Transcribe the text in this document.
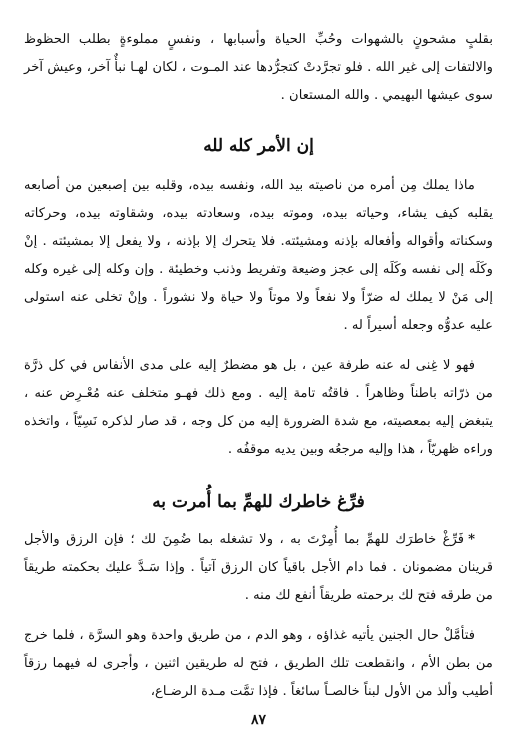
بقلبٍ مشحونٍ بالشهوات وحُبِّ الحياة وأسبابها ، ونفسٍ مملوءةٍ بطلب الحظوظ والالتفات إلى غير الله . فلو تجرَّدتْ كتجرُّدها عند المـوت ، لكان لهـا نبأٌ آخر، وعيش آخر سوى عيشها البهيمي . والله المستعان .

إن الأمر كله لله

ماذا يملك مِن أمره من ناصيته بيد الله، ونفسه بيده، وقلبه بين إصبعين من أصابعه يقلبه كيف يشاء، وحياته بيده، وموته بيده، وسعادته بيده، وشقاوته بيده، وحركاته وسكناته وأقواله وأفعاله بإذنه ومشيئته. فلا يتحرك إلا بإذنه ، ولا يفعل إلا بمشيئته . إنْ وكَلَه إلى نفسه وكَلَه إلى عجز وضيعة وتفريط وذنب وخطيئة . وإن وكله إلى غيره وكله إلى مَنْ لا يملك له ضرّاً ولا نفعاً ولا موتاً ولا حياة ولا نشوراً . وإنْ تخلى عنه استولى عليه عدوُّه وجعله أسيراً له .

فهو لا غِنى له عنه طرفة عين ، بل هو مضطرٌ إليه على مدى الأنفاس في كل ذرَّة من ذرّاته باطناً وظاهراً . فاقتُه تامة إليه . ومع ذلك فهـو متخلف عنه مُعْـرِض عنه ، يتبغض إليه بمعصيته، مع شدة الضرورة إليه من كل وجه ، قد صار لذكره نَسِيّاً ، واتخذه وراءه ظهريّاً ، هذا وإليه مرجعُه وبين يديه موقفُه .

فرِّغ خاطرك للهمِّ بما أُمرت به

*فَرِّغْ خاطرَك للهمِّ بما أُمِرْتَ به ، ولا تشغله بما ضُمِنَ لك ؛ فإن الرزق والأجل قرينان مضمونان . فما دام الأجل باقياً كان الرزق آتياً . وإذا سَـدَّ عليك بحكمته طريقاً من طرقه فتح لك برحمته طريقاً أنفع لك منه .

فتأمَّلْ حال الجنين يأتيه غذاؤه ، وهو الدم ، من طريق واحدة وهو السرَّة ، فلما خرج من بطن الأم ، وانقطعت تلك الطريق ، فتح له طريقين اثنين ، وأجرى له فيهما رزقاً أطيب وألذ من الأول لبناً خالصـاً سائغاً . فإذا تمَّت مـدة الرضـاع،

٨٧
